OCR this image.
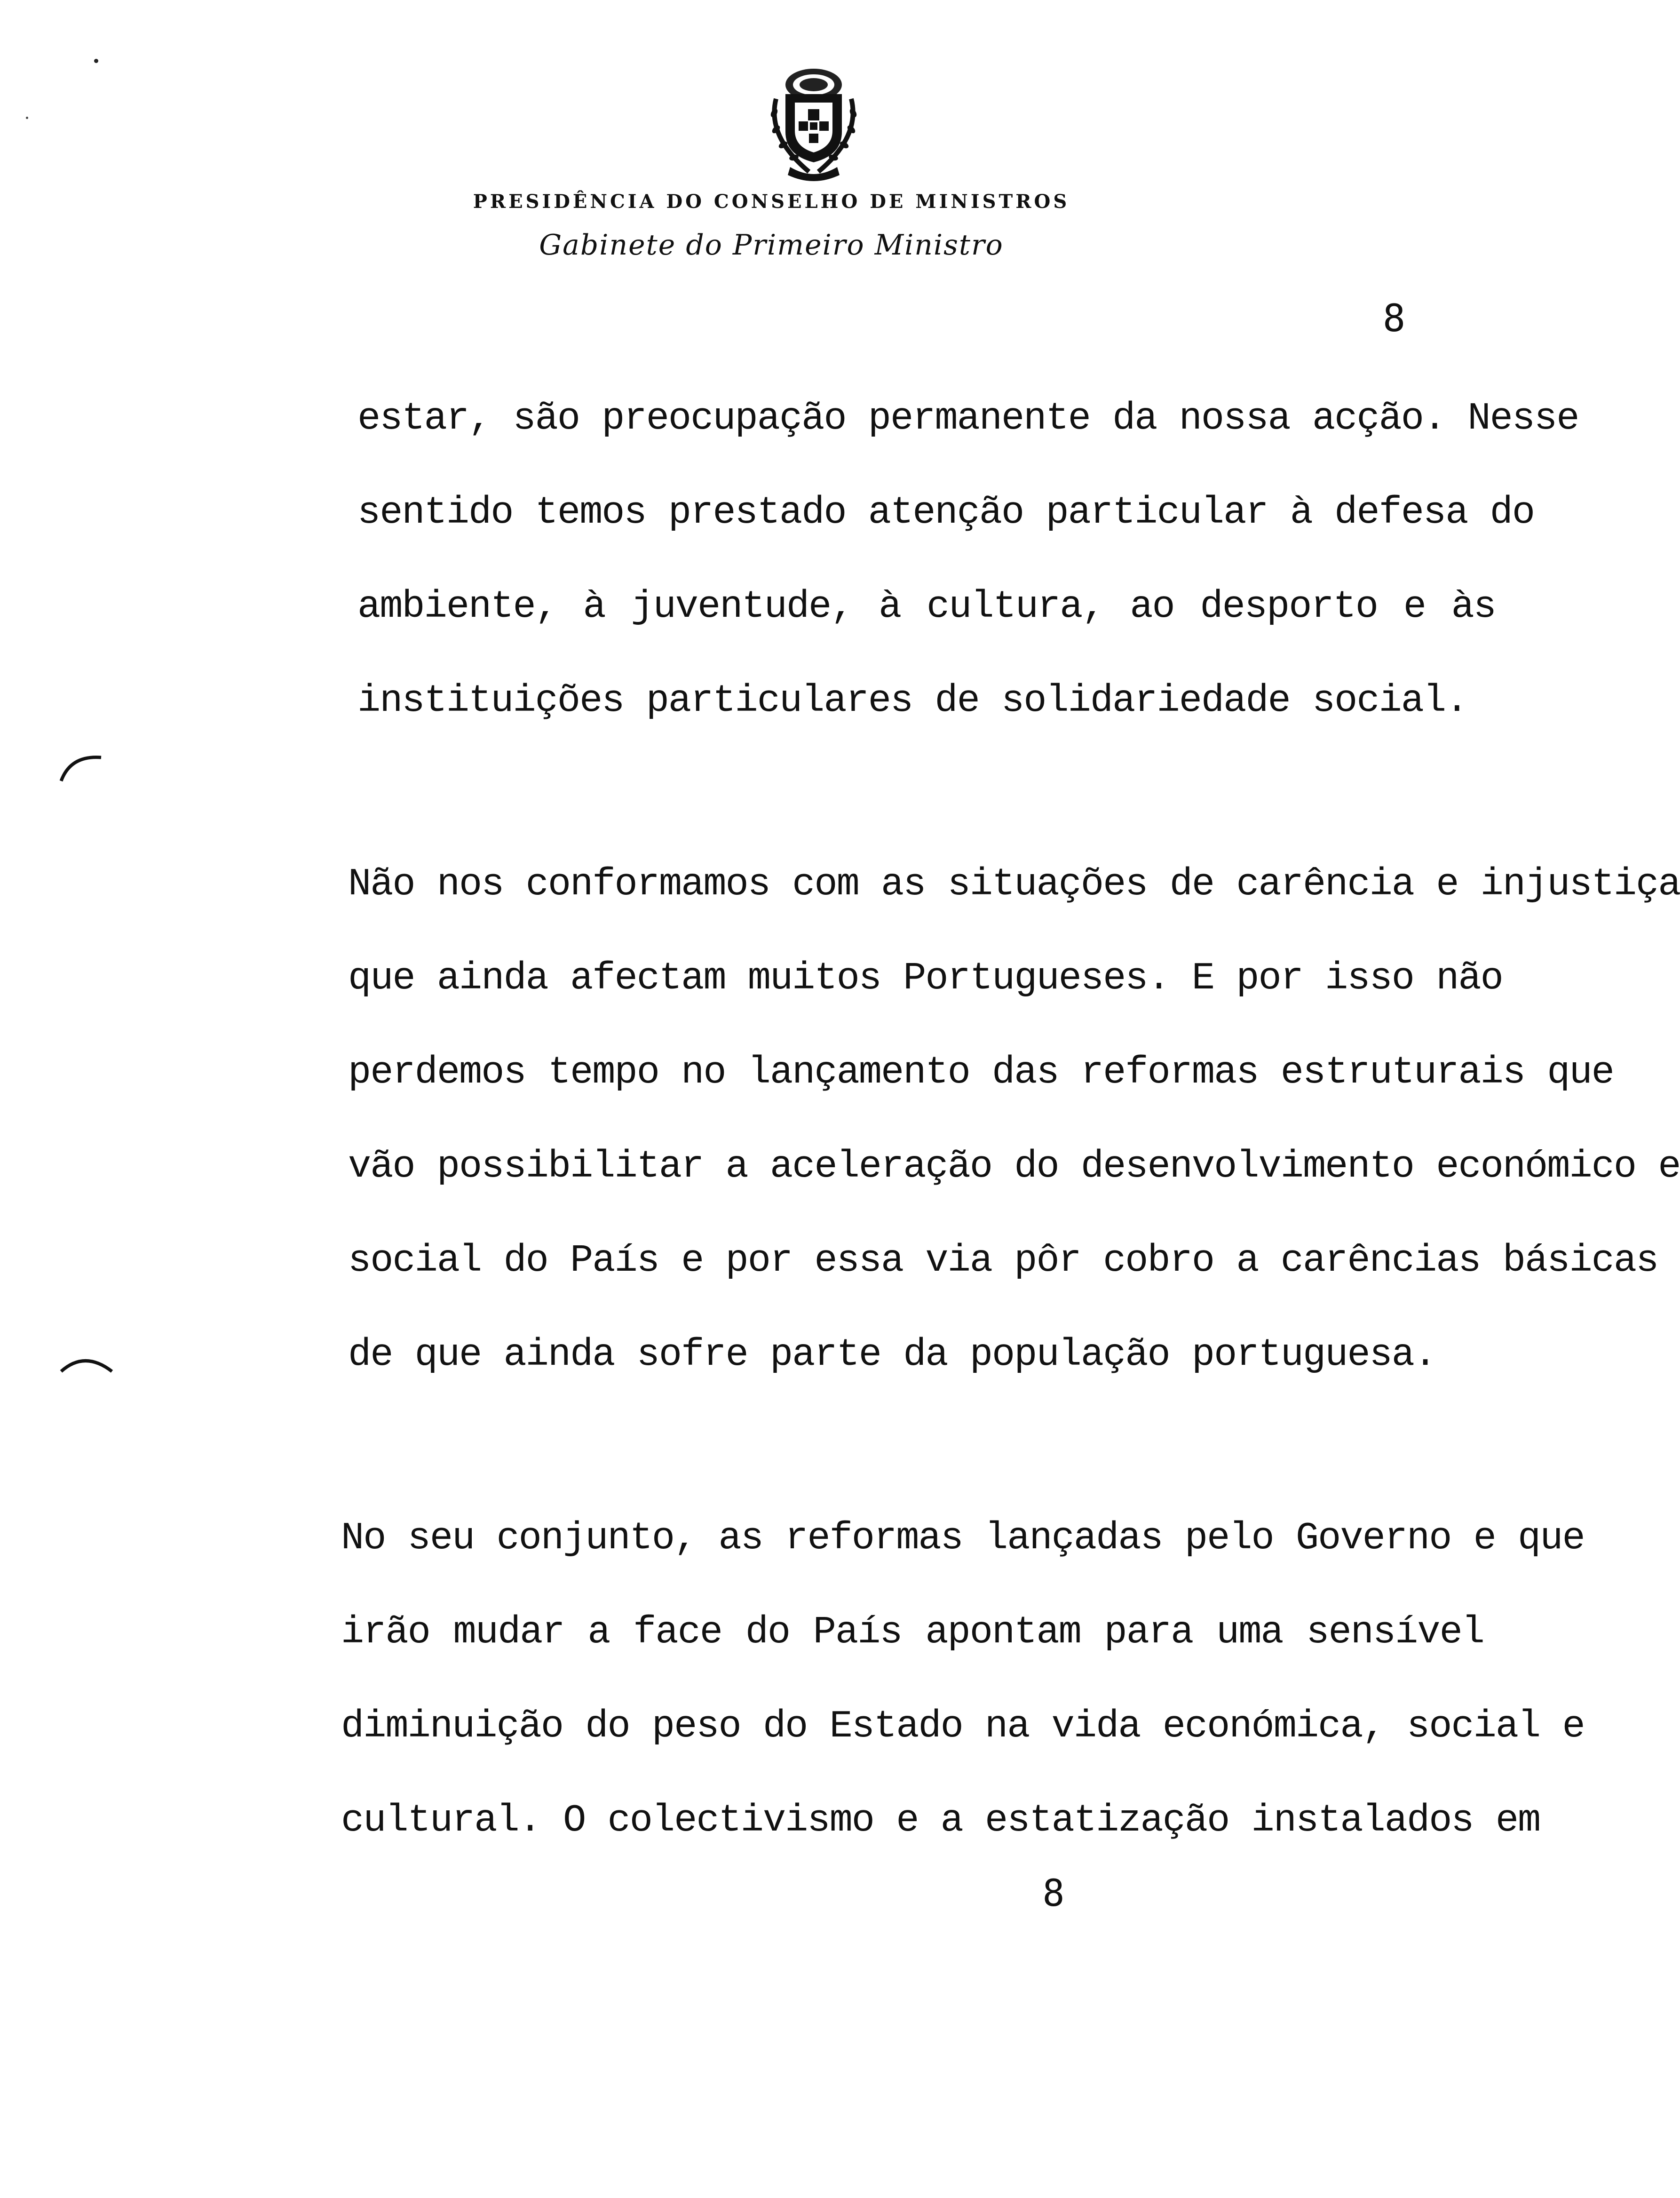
PRESIDÊNCIA DO CONSELHO DE MINISTROS
Gabinete do Primeiro Ministro
8
estar, são preocupação permanente da nossa acção. Nesse
sentido temos prestado atenção particular à defesa do
ambiente, à juventude, à cultura, ao desporto e às
instituições particulares de solidariedade social.
Não nos conformamos com as situações de carência e injustiça
que ainda afectam muitos Portugueses. E por isso não
perdemos tempo no lançamento das reformas estruturais que
vão possibilitar a aceleração do desenvolvimento económico e
social do País e por essa via pôr cobro a carências básicas
de que ainda sofre parte da população portuguesa.
No seu conjunto, as reformas lançadas pelo Governo e que
irão mudar a face do País apontam para uma sensível
diminuição do peso do Estado na vida económica, social e
cultural. O colectivismo e a estatização instalados em
8
